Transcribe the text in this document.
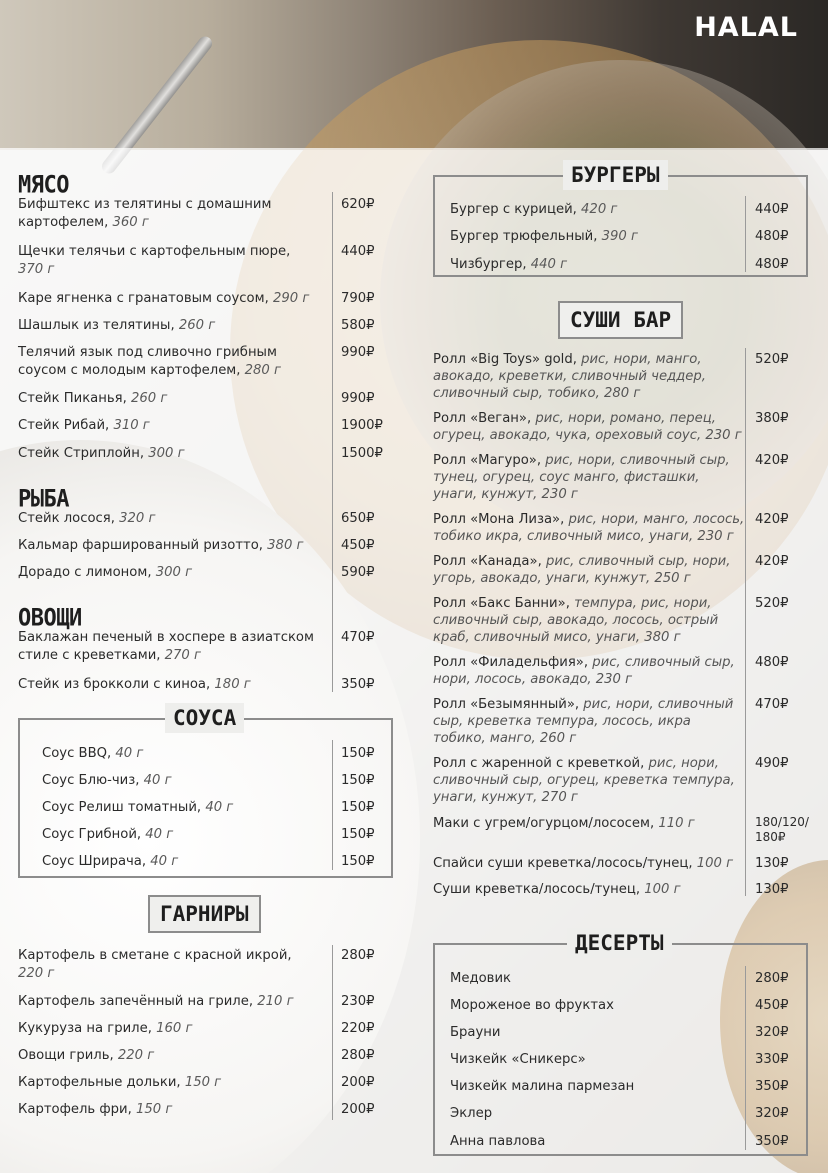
HALAL
МЯСО
Бифштекс из телятины с домашним
картофелем, 360 г
620₽
Щечки телячьи с картофельным пюре,
370 г
440₽
Каре ягненка с гранатовым соусом, 290 г 790₽
Шашлык из телятины, 260 г	580₽
Телячий язык под сливочно грибным
соусом с молодым картофелем, 280 г
990₽
Стейк Пиканья, 260 г	990₽
Стейк Рибай, 310 г	1900₽
Стейк Стриплойн, 300 г	1500₽
РЫБА
Стейк лосося, 320 г	650₽
Кальмар фаршированный ризотто, 380 г	450₽
Дорадо с лимоном, 300 г	590₽
ОВОЩИ
Баклажан печеный в хоспере в азиатском
стиле с креветками, 270 г
470₽
Стейк из брокколи с киноа, 180 г	350₽
СОУСА
Соус BBQ, 40 г	150₽
Соус Блю-чиз, 40 г	150₽
Соус Релиш томатный, 40 г	150₽
Соус Грибной, 40 г	150₽
Соус Шрирача, 40 г	150₽
ГАРНИРЫ
Картофель в сметане с красной икрой,
220 г
280₽
Картофель запечённый на гриле, 210 г	230₽
Кукуруза на гриле, 160 г	220₽
Овощи гриль, 220 г	280₽
Картофельные дольки, 150 г	200₽
Картофель фри, 150 г	200₽
БУРГЕРЫ
Бургер с курицей, 420 г	440₽
Бургер трюфельный, 390 г	480₽
Чизбургер, 440 г	480₽
СУШИ БАР
Ролл «Big Toys» gold, рис, нори, манго,
авокадо, креветки, сливочный чеддер,
сливочный сыр, тобико, 280 г
520₽
Ролл «Веган», рис, нори, романо, перец,
огурец, авокадо, чука, ореховый соус, 230 г
380₽
Ролл «Магуро», рис, нори, сливочный сыр,
тунец, огурец, соус манго, фисташки,
унаги, кунжут, 230 г
420₽
Ролл «Мона Лиза», рис, нори, манго, лосось,
тобико икра, сливочный мисо, унаги, 230 г
420₽
Ролл «Канада», рис, сливочный сыр, нори,
угорь, авокадо, унаги, кунжут, 250 г
420₽
Ролл «Бакс Банни», темпура, рис, нори,
сливочный сыр, авокадо, лосось, острый
краб, сливочный мисо, унаги, 380 г
520₽
Ролл «Филадельфия», рис, сливочный сыр,
нори, лосось, авокадо, 230 г
480₽
Ролл «Безымянный», рис, нори, сливочный
сыр, креветка темпура, лосось, икра
тобико, манго, 260 г
470₽
Ролл с жаренной с креветкой, рис, нори,
сливочный сыр, огурец, креветка темпура,
унаги, кунжут, 270 г
490₽
Маки с угрем/огурцом/лососем, 110 г	180/120/ 180₽
Спайси суши креветка/лосось/тунец, 100 г 130₽
Суши креветка/лосось/тунец, 100 г	130₽
ДЕСЕРТЫ
Медовик	280₽
Мороженое во фруктах	450₽
Брауни	320₽
Чизкейк «Сникерс»	330₽
Чизкейк малина пармезан	350₽
Эклер	320₽
Анна павлова	350₽
